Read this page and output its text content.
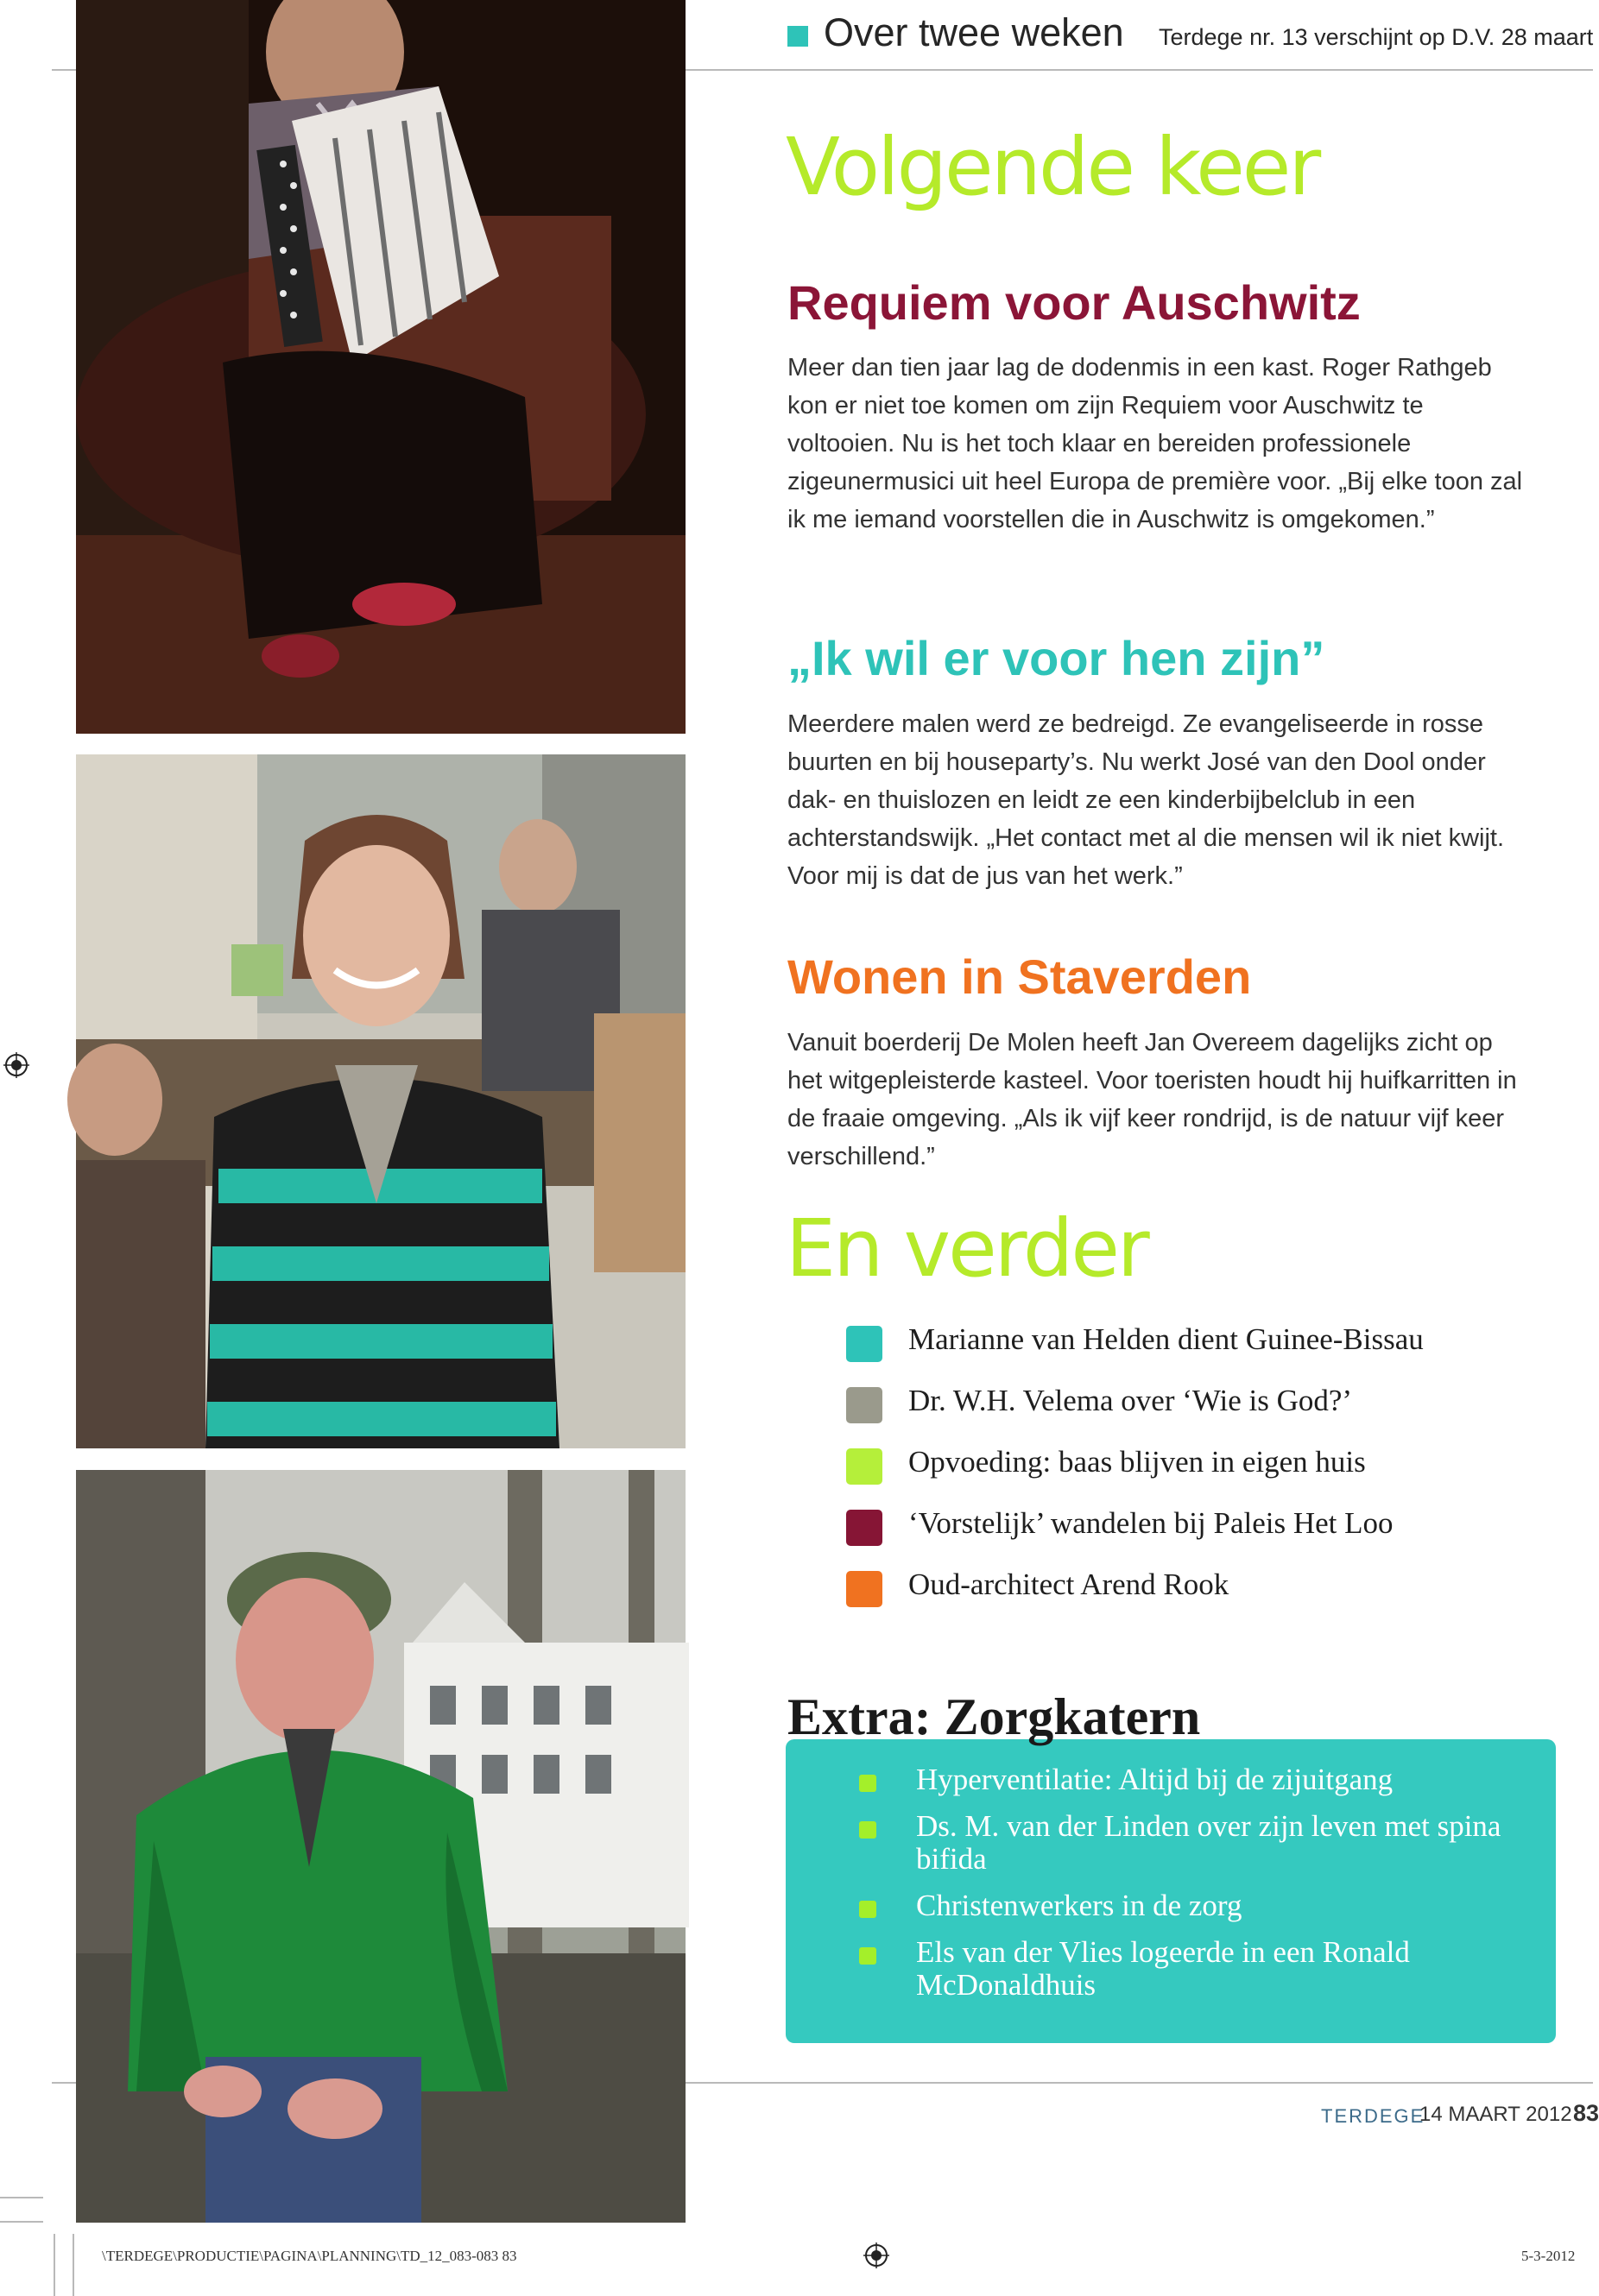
Over twee weken Terdege nr. 13 verschijnt op D.V. 28 maart
Volgende keer
Requiem voor Auschwitz
Meer dan tien jaar lag de dodenmis in een kast. Roger Rathgeb kon er niet toe komen om zijn Requiem voor Auschwitz te voltooien. Nu is het toch klaar en bereiden professionele zigeunermusici uit heel Europa de première voor. „Bij elke toon zal ik me iemand voorstellen die in Auschwitz is omgekomen.”
„Ik wil er voor hen zijn”
Meerdere malen werd ze bedreigd. Ze evangeliseerde in rosse buurten en bij houseparty’s. Nu werkt José van den Dool onder dak- en thuislozen en leidt ze een kinderbijbelclub in een achterstandswijk. „Het contact met al die mensen wil ik niet kwijt. Voor mij is dat de jus van het werk.”
Wonen in Staverden
Vanuit boerderij De Molen heeft Jan Overeem dagelijks zicht op het witgepleisterde kasteel. Voor toeristen houdt hij huifkarritten in de fraaie omgeving. „Als ik vijf keer rondrijd, is de natuur vijf keer verschillend.”
En verder
Marianne van Helden dient Guinee-Bissau
Dr. W.H. Velema over ‘Wie is God?’
Opvoeding: baas blijven in eigen huis
‘Vorstelijk’ wandelen bij Paleis Het Loo
Oud-architect Arend Rook
Extra: Zorgkatern
Hyperventilatie: Altijd bij de zijuitgang
Ds. M. van der Linden over zijn leven met spina bifida
Christenwerkers in de zorg
Els van der Vlies logeerde in een Ronald McDonaldhuis
TERDEGE
14 MAART 2012 83
\TERDEGE\PRODUCTIE\PAGINA\PLANNING\TD_12_083-083 83	5-3-2012
